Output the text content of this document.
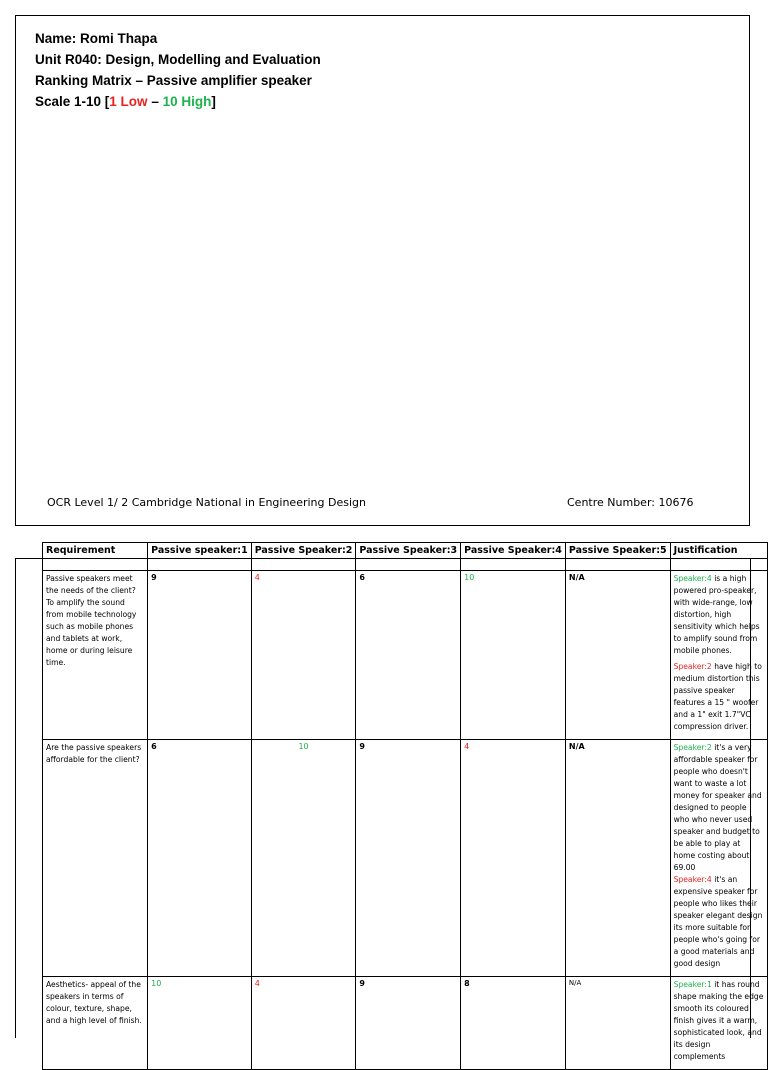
Name: Romi Thapa
Unit R040: Design, Modelling and Evaluation
Ranking Matrix – Passive amplifier speaker
Scale 1-10 [1 Low – 10 High]
OCR Level 1/ 2 Cambridge National in Engineering Design	Centre Number: 10676
Requirement	Passive speaker:1	Passive Speaker:2	Passive Speaker:3	Passive Speaker:4	Passive Speaker:5	Justification

Passive speakers meet the needs of the client? To amplify the sound from mobile technology such as mobile phones and tablets at work, home or during leisure time.	9	4	6	10	N/A	Speaker:4 is a high powered pro-speaker, with wide-range, low distortion, high sensitivity which helps to amplify sound from mobile phones.

Speaker:2 have high to medium distortion this passive speaker features a 15 " woofer and a 1" exit 1.7"VC compression driver.

Are the passive speakers affordable for the client?	6	10	9	4	N/A	Speaker:2 it's a very affordable speaker for people who doesn't want to waste a lot money for speaker and designed to people who who never used speaker and budget to be able to play at home costing about 69.00

Speaker:4 it's an expensive speaker for people who likes their speaker elegant design its more suitable for people who's going for a good materials and good design

Aesthetics- appeal of the speakers in terms of colour, texture, shape, and a high level of finish.	10	4	9	8	N/A	Speaker:1 it has round shape making the edge smooth its coloured finish gives it a warm, sophisticated look, and its design complements
